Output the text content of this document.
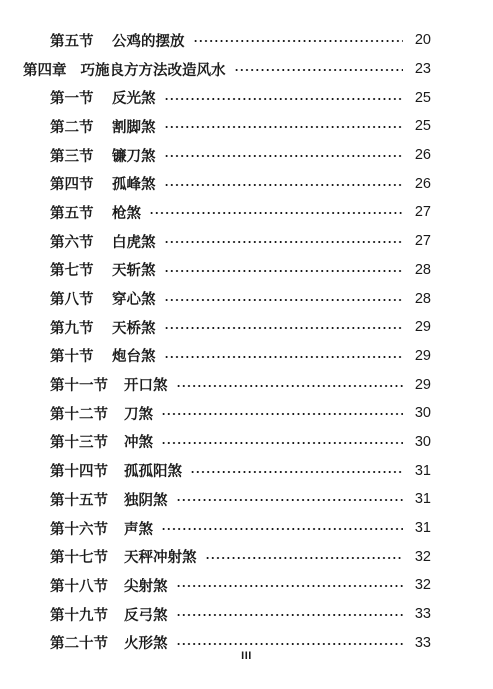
第五节	公鸡的摆放	20
第四章 巧施良方方法改造风水	23
第一节	反光煞	25
第二节	割脚煞	25
第三节	镰刀煞	26
第四节	孤峰煞	26
第五节	枪煞	27
第六节	白虎煞	27
第七节	天斩煞	28
第八节	穿心煞	28
第九节	天桥煞	29
第十节	炮台煞	29
第十一节 开口煞	29
第十二节 刀煞	30
第十三节 冲煞	30
第十四节 孤孤阳煞	31
第十五节 独阴煞	31
第十六节 声煞	31
第十七节 天秤冲射煞	32
第十八节 尖射煞	32
第十九节 反弓煞	33
第二十节 火形煞	33
III
